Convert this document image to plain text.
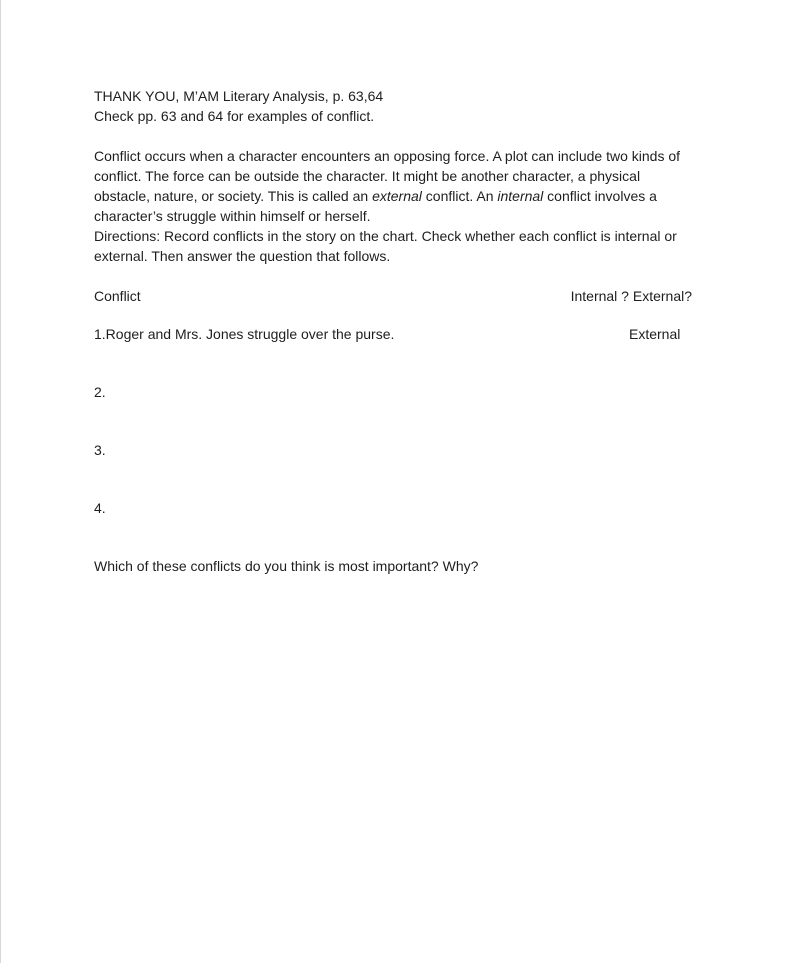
THANK YOU, M’AM Literary Analysis, p. 63,64
Check pp. 63 and 64 for examples of conflict.
Conflict occurs when a character encounters an opposing force. A plot can include two kinds of
conflict. The force can be outside the character. It might be another character, a physical
obstacle, nature, or society. This is called an external conflict. An internal conflict involves a
character’s struggle within himself or herself.
Directions: Record conflicts in the story on the chart. Check whether each conflict is internal or
external. Then answer the question that follows.
Conflict	Internal ? External?
1.Roger and Mrs. Jones struggle over the purse.	External
2.
3.
4.
Which of these conflicts do you think is most important? Why?
